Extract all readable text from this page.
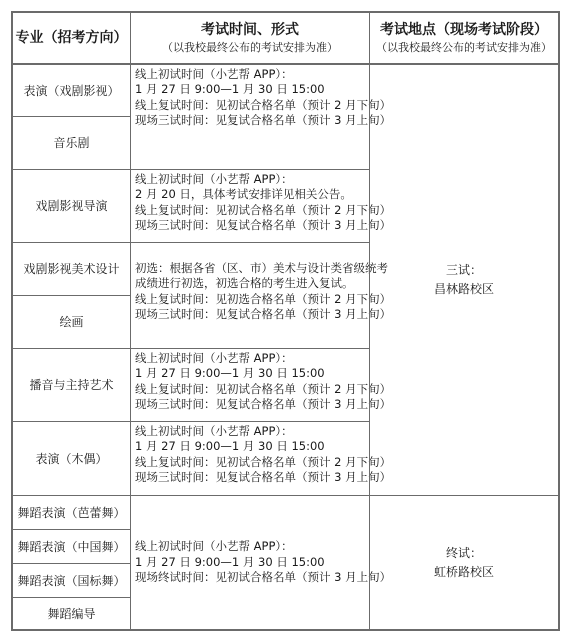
专业（招考方向）	考试时间、形式
（以我校最终公布的考试安排为准）
考试地点（现场考试阶段）
（以我校最终公布的考试安排为准）
表演（戏剧影视）
音乐剧
戏剧影视导演
戏剧影视美术设计
绘画
播音与主持艺术
表演（木偶）
舞蹈表演（芭蕾舞）
舞蹈表演（中国舞）
舞蹈表演（国标舞）
舞蹈编导
线上初试时间（小艺帮 APP）：
1 月 27 日 9:00—1 月 30 日 15:00
线上复试时间：见初试合格名单（预计 2 月下旬）
现场三试时间：见复试合格名单（预计 3 月上旬）
线上初试时间（小艺帮 APP）：
2 月 20 日，具体考试安排详见相关公告。
线上复试时间：见初试合格名单（预计 2 月下旬）
现场三试时间：见复试合格名单（预计 3 月上旬）
初选：根据各省（区、市）美术与设计类省级统考
成绩进行初选，初选合格的考生进入复试。
线上复试时间：见初选合格名单（预计 2 月下旬）
现场三试时间：见复试合格名单（预计 3 月上旬）
线上初试时间（小艺帮 APP）：
1 月 27 日 9:00—1 月 30 日 15:00
线上复试时间：见初试合格名单（预计 2 月下旬）
现场三试时间：见复试合格名单（预计 3 月上旬）
线上初试时间（小艺帮 APP）：
1 月 27 日 9:00—1 月 30 日 15:00
线上复试时间：见初试合格名单（预计 2 月下旬）
现场三试时间：见复试合格名单（预计 3 月上旬）
线上初试时间（小艺帮 APP）：
1 月 27 日 9:00—1 月 30 日 15:00
现场终试时间：见初试合格名单（预计 3 月上旬）
三试：
昌林路校区
终试：
虹桥路校区
